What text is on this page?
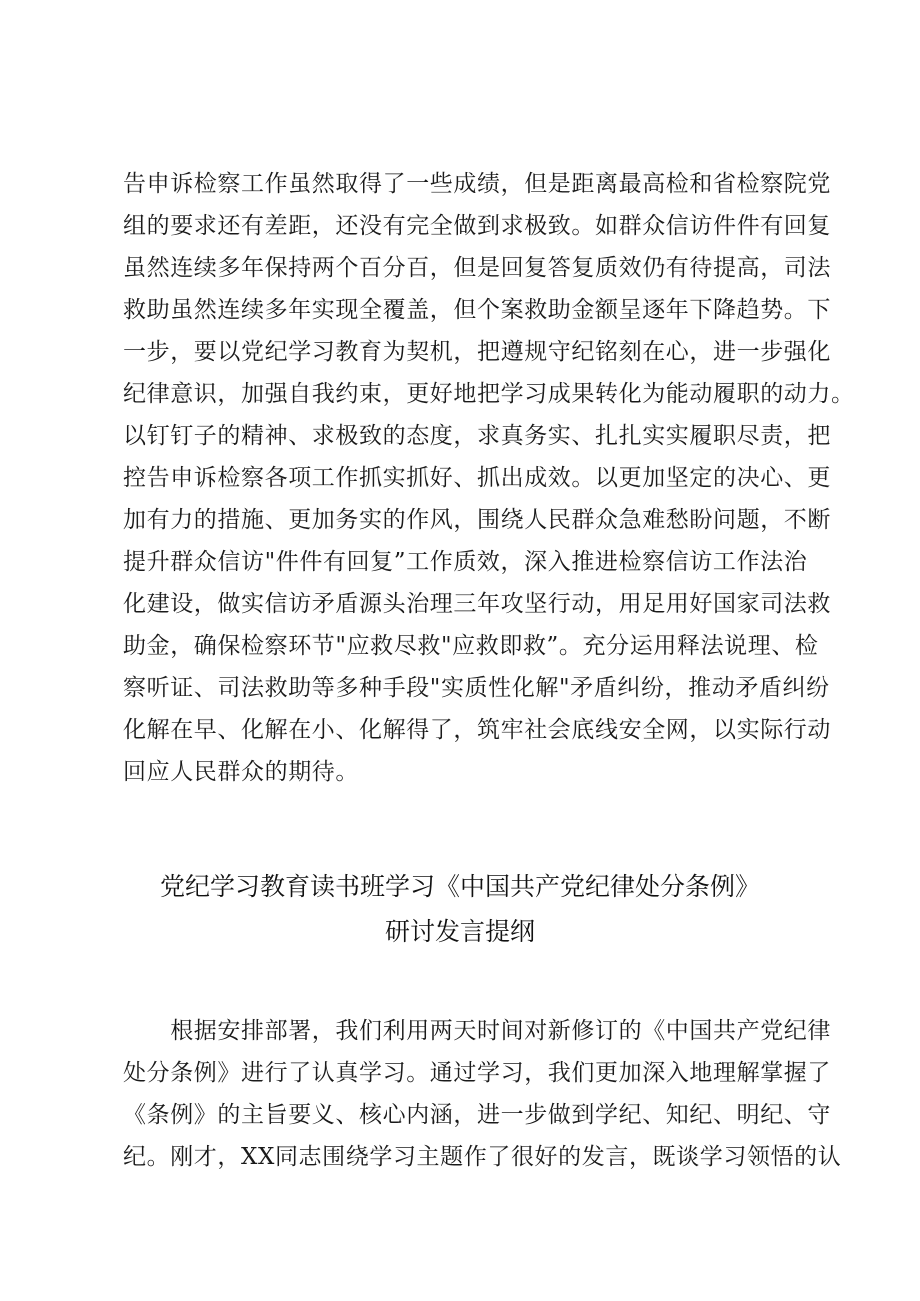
告申诉检察工作虽然取得了一些成绩，但是距离最高检和省检察院党
组的要求还有差距，还没有完全做到求极致。如群众信访件件有回复
虽然连续多年保持两个百分百，但是回复答复质效仍有待提高，司法
救助虽然连续多年实现全覆盖，但个案救助金额呈逐年下降趋势。下
一步，要以党纪学习教育为契机，把遵规守纪铭刻在心，进一步强化
纪律意识，加强自我约束，更好地把学习成果转化为能动履职的动力。
以钉钉子的精神、求极致的态度，求真务实、扎扎实实履职尽责，把
控告申诉检察各项工作抓实抓好、抓出成效。以更加坚定的决心、更
加有力的措施、更加务实的作风，围绕人民群众急难愁盼问题，不断
提升群众信访"件件有回复”工作质效，深入推进检察信访工作法治
化建设，做实信访矛盾源头治理三年攻坚行动，用足用好国家司法救
助金，确保检察环节"应救尽救"应救即救”。充分运用释法说理、检
察听证、司法救助等多种手段"实质性化解"矛盾纠纷，推动矛盾纠纷
化解在早、化解在小、化解得了，筑牢社会底线安全网，以实际行动
回应人民群众的期待。
党纪学习教育读书班学习《中国共产党纪律处分条例》
研讨发言提纲
　　根据安排部署，我们利用两天时间对新修订的《中国共产党纪律
处分条例》进行了认真学习。通过学习，我们更加深入地理解掌握了
《条例》的主旨要义、核心内涵，进一步做到学纪、知纪、明纪、守
纪。刚才，XX同志围绕学习主题作了很好的发言，既谈学习领悟的认
